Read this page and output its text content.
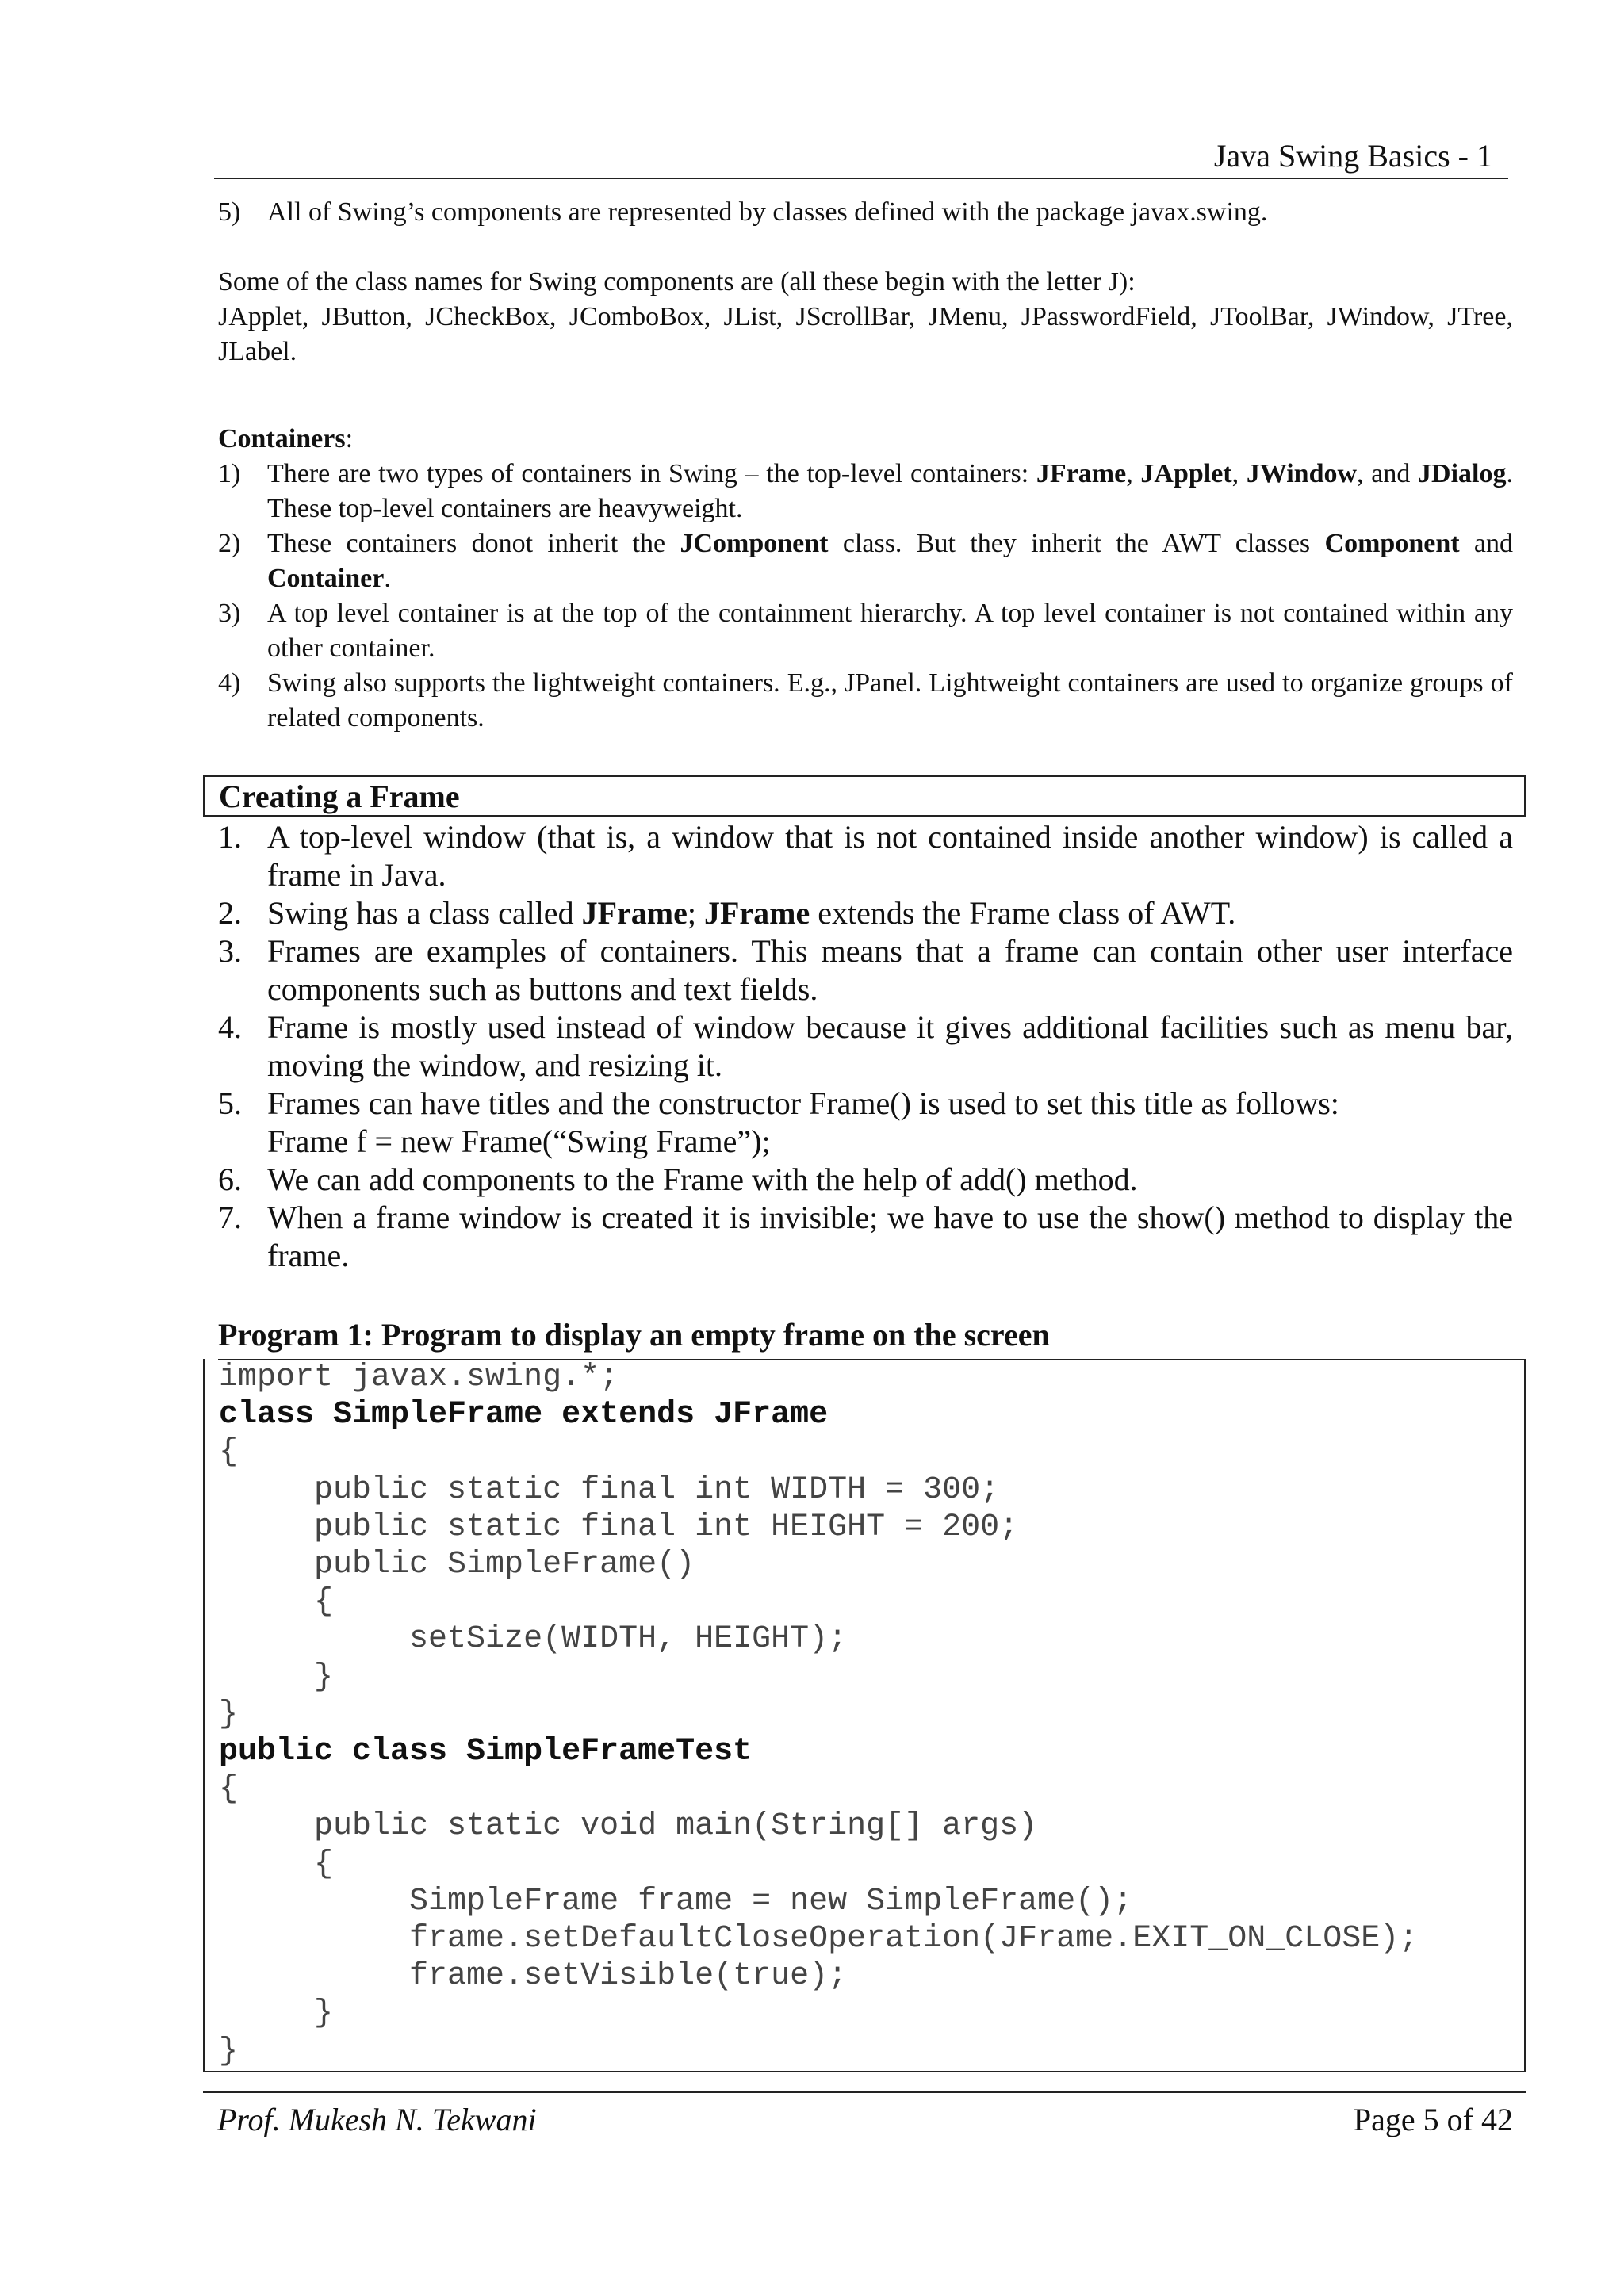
Java Swing Basics - 1
5) All of Swing’s components are represented by classes defined with the package javax.swing.

Some of the class names for Swing components are (all these begin with the letter J):

JApplet, JButton, JCheckBox, JComboBox, JList, JScrollBar, JMenu, JPasswordField, JToolBar, JWindow, JTree, JLabel.

Containers:

1) There are two types of containers in Swing – the top-level containers: JFrame, JApplet, JWindow, and JDialog. These top-level containers are heavyweight.
2) These containers donot inherit the JComponent class. But they inherit the AWT classes Component and Container.
3) A top level container is at the top of the containment hierarchy. A top level container is not contained within any other container.
4) Swing also supports the lightweight containers. E.g., JPanel. Lightweight containers are used to organize groups of related components.
Creating a Frame
1. A top-level window (that is, a window that is not contained inside another window) is called a frame in Java.
2. Swing has a class called JFrame; JFrame extends the Frame class of AWT.
3. Frames are examples of containers. This means that a frame can contain other user interface components such as buttons and text fields.
4. Frame is mostly used instead of window because it gives additional facilities such as menu bar, moving the window, and resizing it.
5. Frames can have titles and the constructor Frame() is used to set this title as follows:
Frame f = new Frame(“Swing Frame”);
6. We can add components to the Frame with the help of add() method.
7. When a frame window is created it is invisible; we have to use the show() method to display the frame.
Program 1: Program to display an empty frame on the screen
import javax.swing.*;
class SimpleFrame extends JFrame
{
public static final int WIDTH = 300;
public static final int HEIGHT = 200;
public SimpleFrame()
{
setSize(WIDTH, HEIGHT);
}
}
public class SimpleFrameTest
{
public static void main(String[] args)
{
SimpleFrame frame = new SimpleFrame();
frame.setDefaultCloseOperation(JFrame.EXIT_ON_CLOSE);
frame.setVisible(true);
}
}
Prof. Mukesh N. Tekwani	Page 5 of 42
